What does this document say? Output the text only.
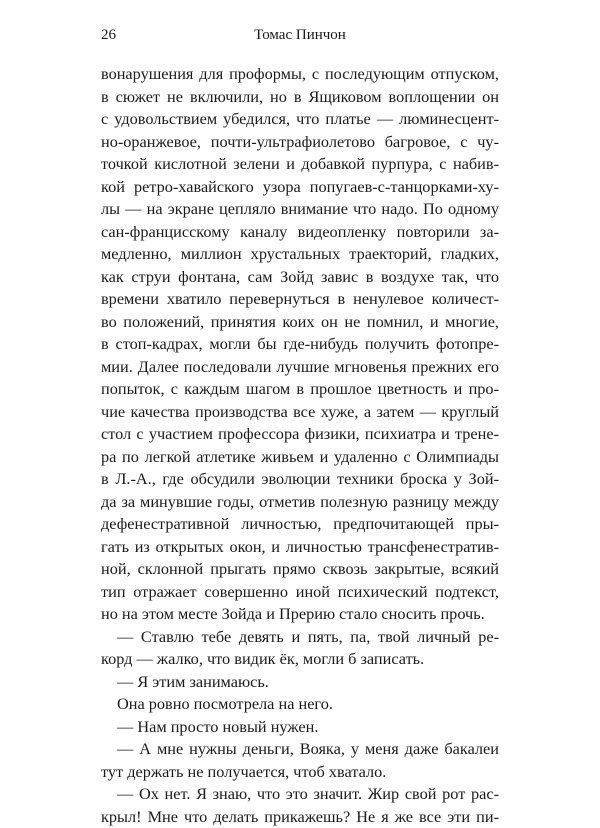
26	Томас Пинчон
вонарушения для проформы, с последующим отпуском,
в сюжет не включили, но в Ящиковом воплощении он
с удовольствием убедился, что платье — люминесцент-
но-оранжевое, почти-ультрафиолетово багровое, с чу-
точкой кислотной зелени и добавкой пурпура, с набив-
кой ретро-хавайского узора попугаев-с-танцорками-ху-
лы — на экране цепляло внимание что надо. По одному
сан-францисскому каналу видеопленку повторили за-
медленно, миллион хрустальных траекторий, гладких,
как струи фонтана, сам Зойд завис в воздухе так, что
времени хватило перевернуться в ненулевое количест-
во положений, принятия коих он не помнил, и многие,
в стоп-кадрах, могли бы где-нибудь получить фотопре-
мии. Далее последовали лучшие мгновенья прежних его
попыток, с каждым шагом в прошлое цветность и про-
чие качества производства все хуже, а затем — круглый
стол с участием профессора физики, психиатра и трене-
ра по легкой атлетике живьем и удаленно с Олимпиады
в Л.-А., где обсудили эволюции техники броска у Зой-
да за минувшие годы, отметив полезную разницу между
дефенестративной личностью, предпочитающей пры-
гать из открытых окон, и личностью трансфенестратив-
ной, склонной прыгать прямо сквозь закрытые, всякий
тип отражает совершенно иной психический подтекст,
но на этом месте Зойда и Прерию стало сносить прочь.
— Ставлю тебе девять и пять, па, твой личный ре-
корд — жалко, что видик ёк, могли б записать.
— Я этим занимаюсь.
Она ровно посмотрела на него.
— Нам просто новый нужен.
— А мне нужны деньги, Вояка, у меня даже бакалеи
тут держать не получается, чтоб хватало.
— Ох нет. Я знаю, что это значит. Жир свой рот рас-
крыл! Мне что делать прикажешь? Не я же все эти пи-
